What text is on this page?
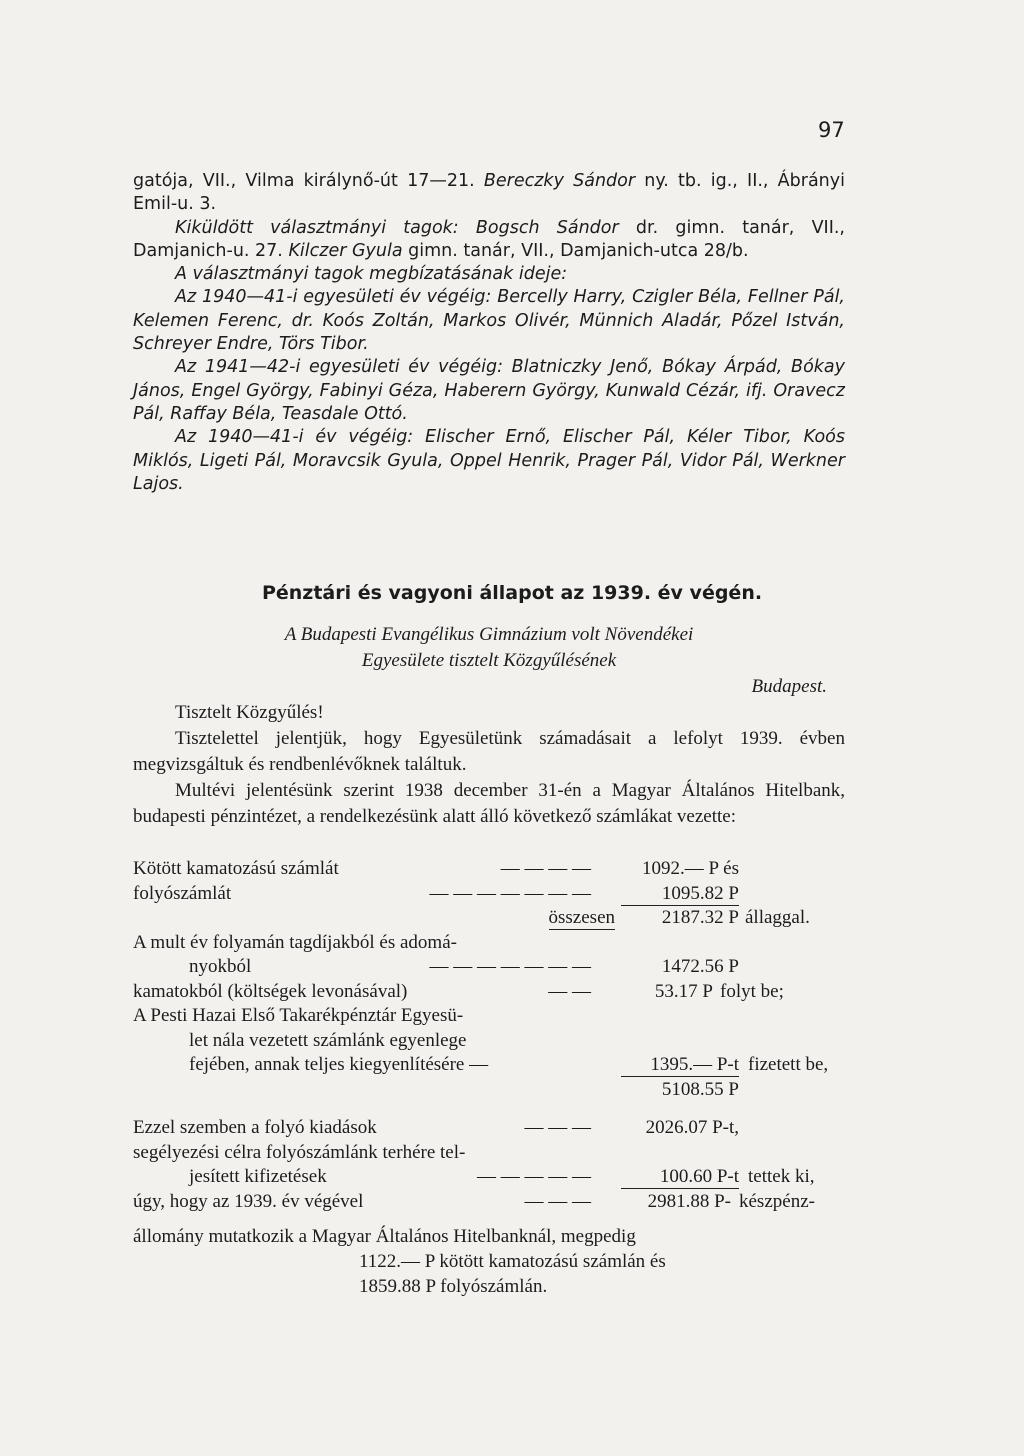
97

gatója, VII., Vilma királynő-út 17—21. Bereczky Sándor ny. tb. ig., II., Ábrányi Emil-u. 3.

Kiküldött választmányi tagok: Bogsch Sándor dr. gimn. tanár, VII., Damjanich-u. 27. Kilczer Gyula gimn. tanár, VII., Damjanich-utca 28/b.

A választmányi tagok megbízatásának ideje:

Az 1940—41-i egyesületi év végéig: Bercelly Harry, Czigler Béla, Fellner Pál, Kelemen Ferenc, dr. Koós Zoltán, Markos Olivér, Münnich Aladár, Pőzel István, Schreyer Endre, Törs Tibor.

Az 1941—42-i egyesületi év végéig: Blatniczky Jenő, Bókay Árpád, Bókay János, Engel György, Fabinyi Géza, Haberern György, Kunwald Cézár, ifj. Oravecz Pál, Raffay Béla, Teasdale Ottó.

Az 1940—41-i év végéig: Elischer Ernő, Elischer Pál, Kéler Tibor, Koós Miklós, Ligeti Pál, Moravcsik Gyula, Oppel Henrik, Prager Pál, Vidor Pál, Werkner Lajos.

Pénztári és vagyoni állapot az 1939. év végén.

A Budapesti Evangélikus Gimnázium volt Növendékei

Egyesülete tisztelt Közgyűlésének

Budapest.

Tisztelt Közgyűlés!

Tisztelettel jelentjük, hogy Egyesületünk számadásait a lefolyt 1939. évben megvizsgáltuk és rendbenlévőknek találtuk.

Multévi jelentésünk szerint 1938 december 31-én a Magyar Általános Hitelbank, budapesti pénzintézet, a rendelkezésünk alatt álló következő számlákat vezette:

Kötött kamatozású számlát	— — — —	1092.— P és
folyószámlát	— — — — — — —	1095.82 P
összesen	2187.32 P állaggal.
A mult év folyamán tagdíjakból és adomá-
nyokból	— — — — — — —	1472.56 P
kamatokból (költségek levonásával)	— —	53.17 P folyt be;
A Pesti Hazai Első Takarékpénztár Egyesü-
let nála vezetett számlánk egyenlege
fejében, annak teljes kiegyenlítésére —	1395.— P-t fizetett be,
5108.55 P
Ezzel szemben a folyó kiadások	— — —	2026.07 P-t,
segélyezési célra folyószámlánk terhére tel-
jesített kifizetések	— — — — —	100.60 P-t tettek ki,
úgy, hogy az 1939. év végével	— — —	2981.88 P- készpénz-

állomány mutatkozik a Magyar Általános Hitelbanknál, megpedig

1122.— P kötött kamatozású számlán és

1859.88 P folyószámlán.
